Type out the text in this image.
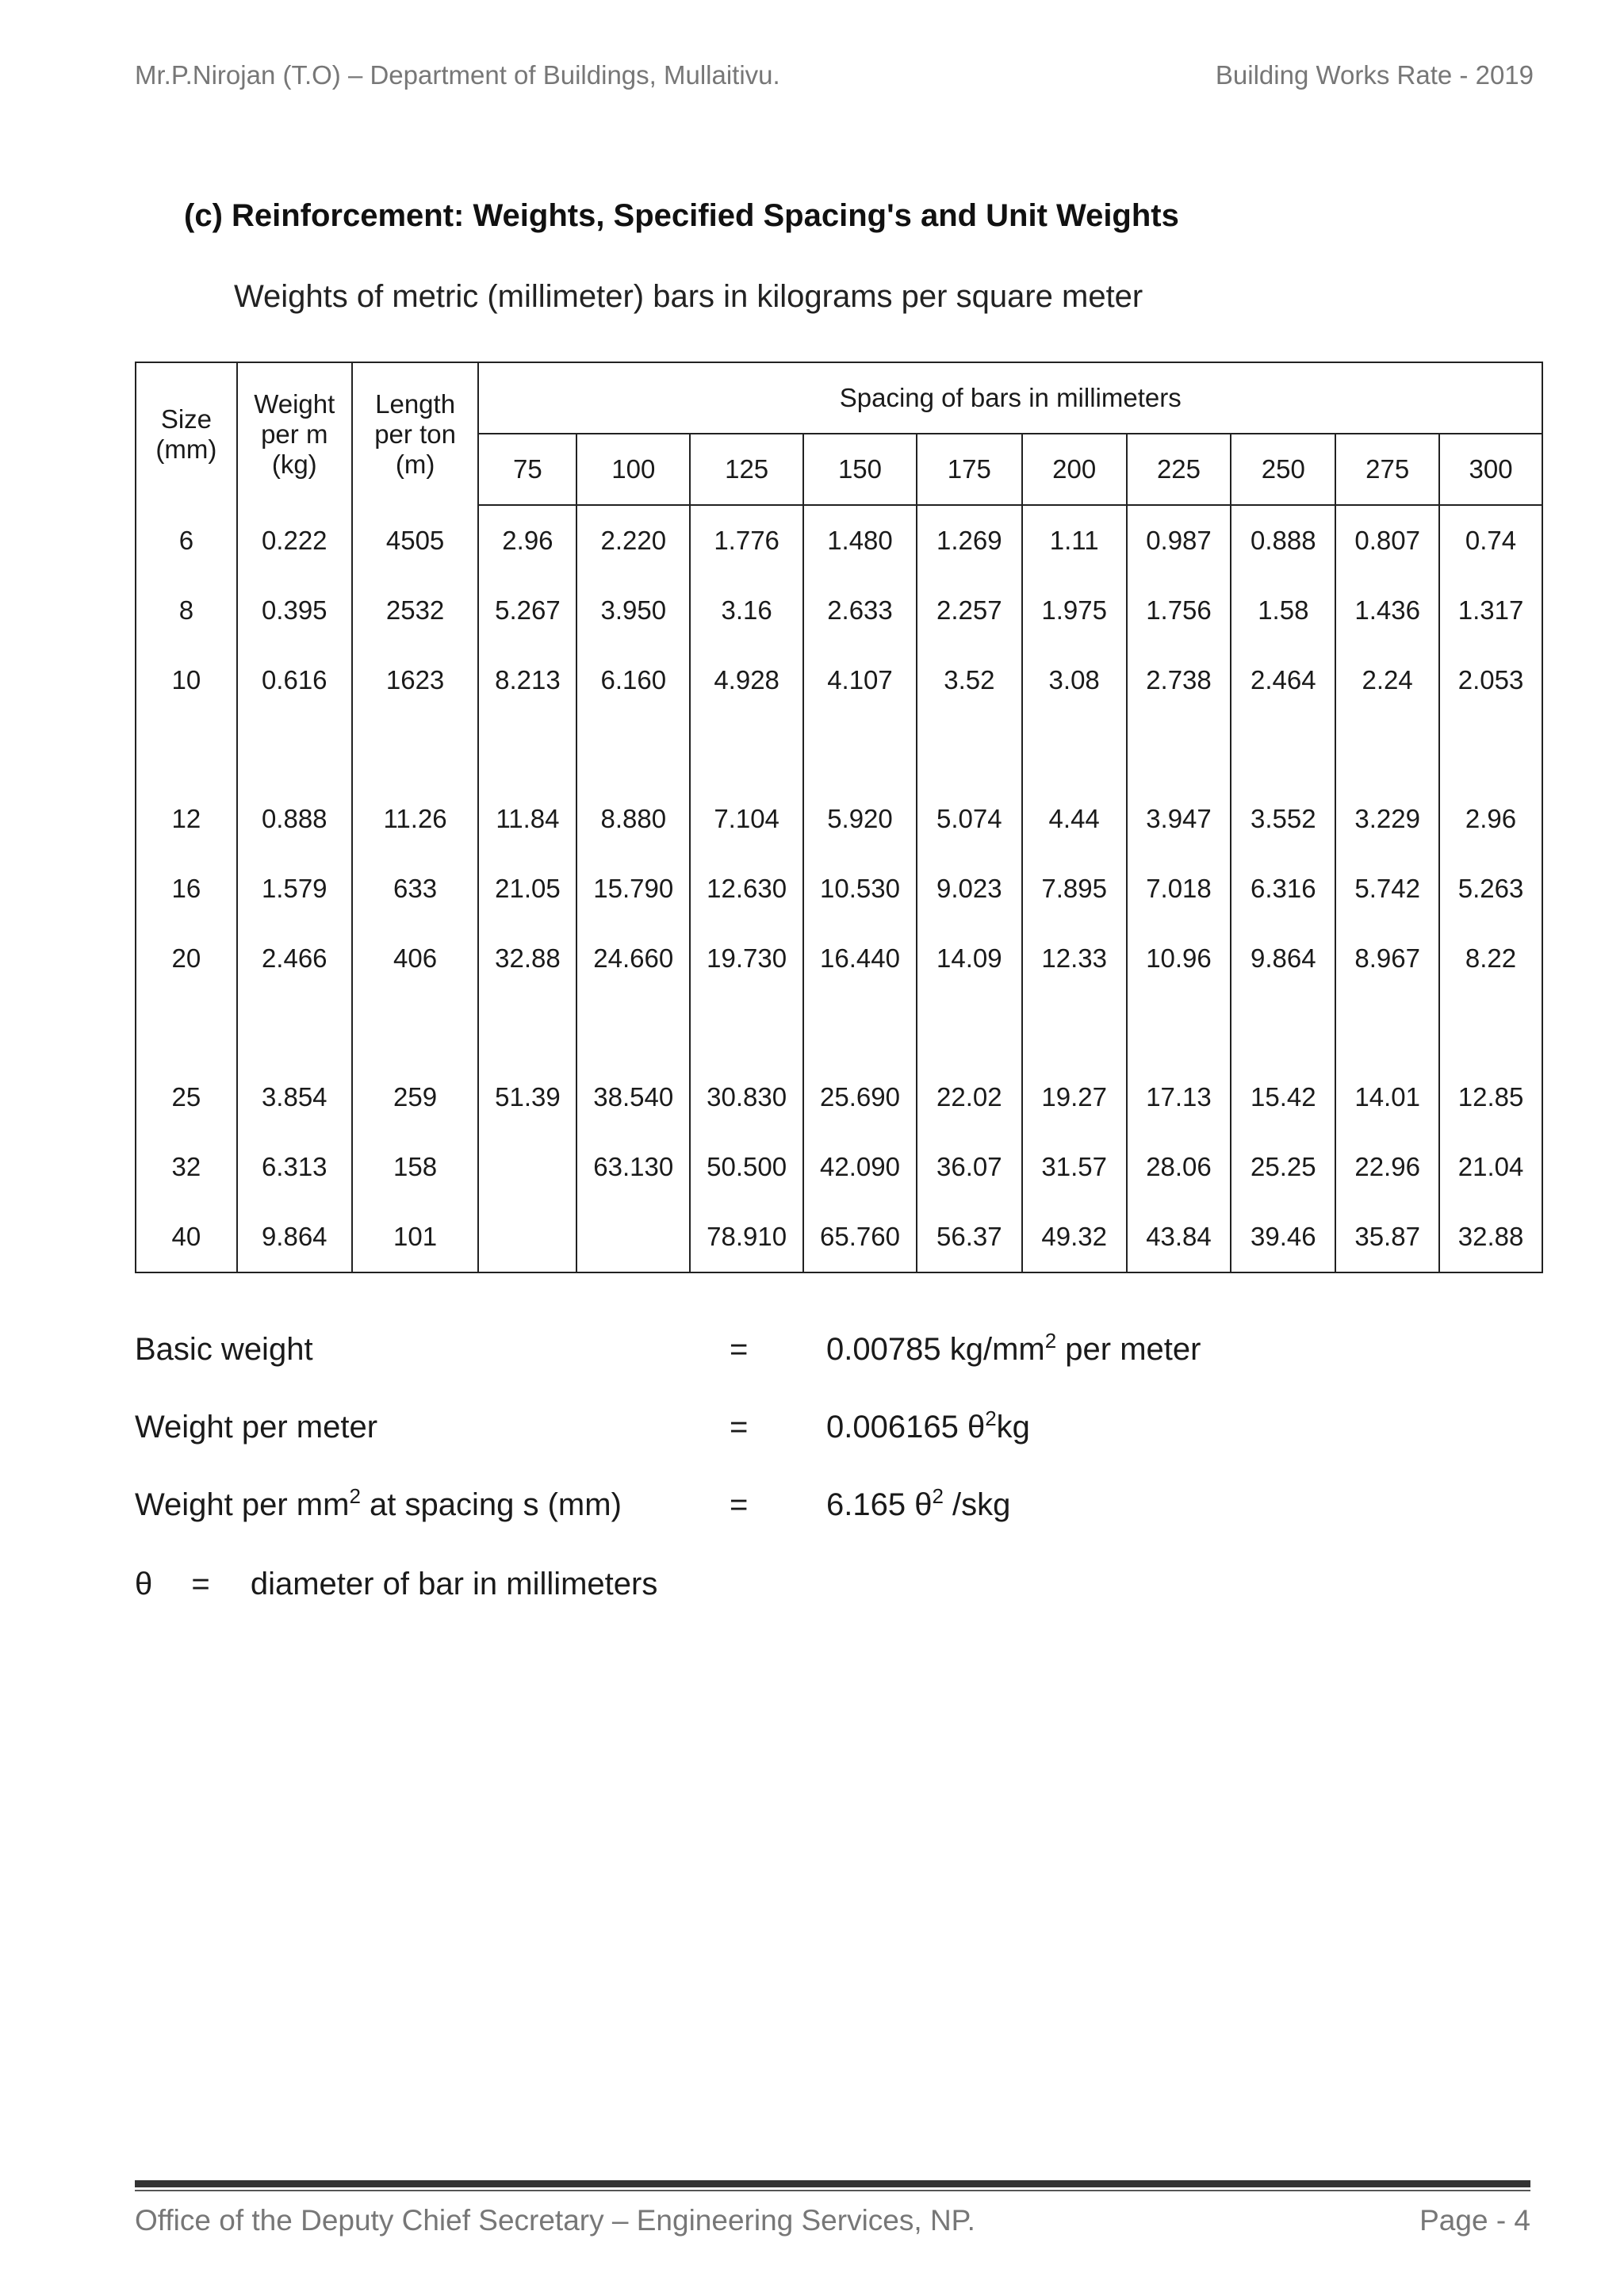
Mr.P.Nirojan (T.O) – Department of Buildings, Mullaitivu.	Building Works Rate - 2019
(c) Reinforcement: Weights, Specified Spacing's and Unit Weights
Weights of metric (millimeter) bars in kilograms per square meter
Size
(mm)	Weight
per m
(kg)	Length
per ton
(m)	Spacing of bars in millimeters									
			75	100	125	150	175	200	225	250	275	300
6	0.222	4505	2.96	2.220	1.776	1.480	1.269	1.11	0.987	0.888	0.807	0.74
8	0.395	2532	5.267	3.950	3.16	2.633	2.257	1.975	1.756	1.58	1.436	1.317
10	0.616	1623	8.213	6.160	4.928	4.107	3.52	3.08	2.738	2.464	2.24	2.053

12	0.888	11.26	11.84	8.880	7.104	5.920	5.074	4.44	3.947	3.552	3.229	2.96
16	1.579	633	21.05	15.790	12.630	10.530	9.023	7.895	7.018	6.316	5.742	5.263
20	2.466	406	32.88	24.660	19.730	16.440	14.09	12.33	10.96	9.864	8.967	8.22

25	3.854	259	51.39	38.540	30.830	25.690	22.02	19.27	17.13	15.42	14.01	12.85
32	6.313	158		63.130	50.500	42.090	36.07	31.57	28.06	25.25	22.96	21.04
40	9.864	101			78.910	65.760	56.37	49.32	43.84	39.46	35.87	32.88
Basic weight	= 0.00785 $kg/mm^2$ per meter
Weight per meter	= 0.006165 $\theta^2kg$
Weight per $mm^2$ at spacing s (mm)	= 6.165 $\theta^2$ /skg
θ = diameter of bar in millimeters
Office of the Deputy Chief Secretary – Engineering Services, NP.	Page - 4
